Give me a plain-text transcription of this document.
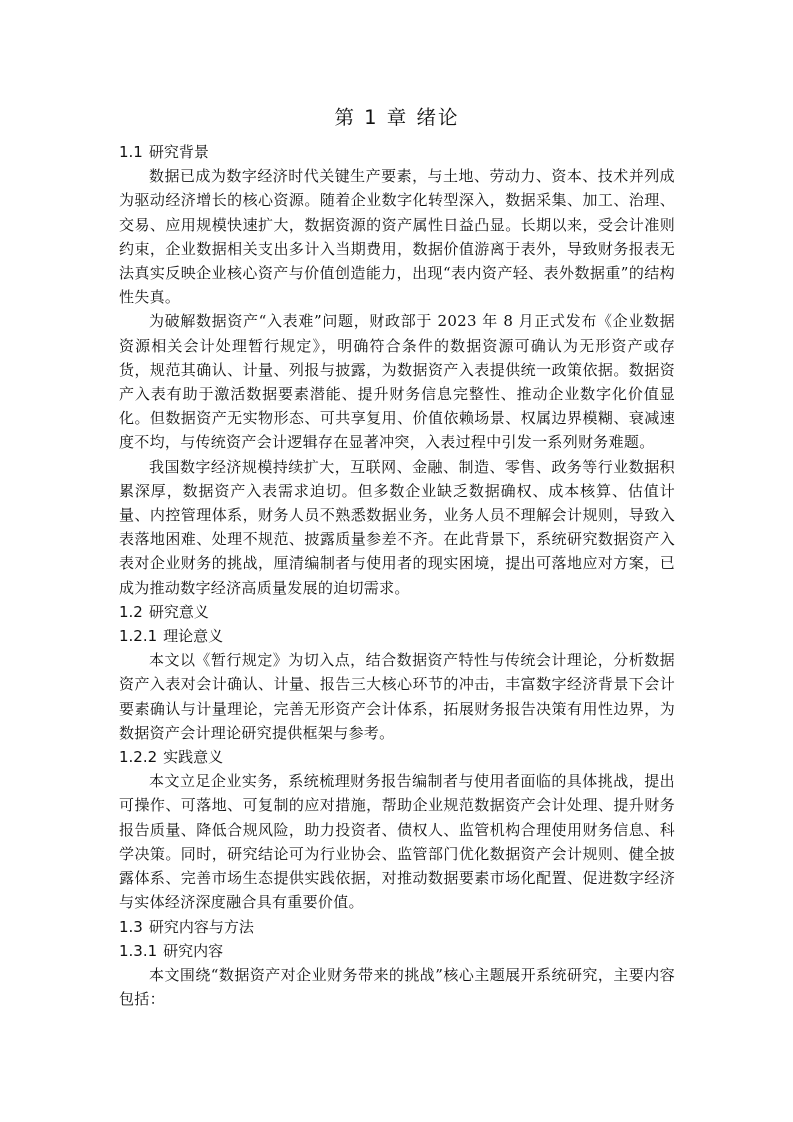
第 1 章 绪论
1.1 研究背景

数据已成为数字经济时代关键生产要素，与土地、劳动力、资本、技术并列成为驱动经济增长的核心资源。随着企业数字化转型深入，数据采集、加工、治理、交易、应用规模快速扩大，数据资源的资产属性日益凸显。长期以来，受会计准则约束，企业数据相关支出多计入当期费用，数据价值游离于表外，导致财务报表无法真实反映企业核心资产与价值创造能力，出现“表内资产轻、表外数据重”的结构性失真。

为破解数据资产“入表难”问题，财政部于 2023 年 8 月正式发布《企业数据资源相关会计处理暂行规定》，明确符合条件的数据资源可确认为无形资产或存货，规范其确认、计量、列报与披露，为数据资产入表提供统一政策依据。数据资产入表有助于激活数据要素潜能、提升财务信息完整性、推动企业数字化价值显化。但数据资产无实物形态、可共享复用、价值依赖场景、权属边界模糊、衰减速度不均，与传统资产会计逻辑存在显著冲突，入表过程中引发一系列财务难题。

我国数字经济规模持续扩大，互联网、金融、制造、零售、政务等行业数据积累深厚，数据资产入表需求迫切。但多数企业缺乏数据确权、成本核算、估值计量、内控管理体系，财务人员不熟悉数据业务，业务人员不理解会计规则，导致入表落地困难、处理不规范、披露质量参差不齐。在此背景下，系统研究数据资产入表对企业财务的挑战，厘清编制者与使用者的现实困境，提出可落地应对方案，已成为推动数字经济高质量发展的迫切需求。

1.2 研究意义
1.2.1 理论意义

本文以《暂行规定》为切入点，结合数据资产特性与传统会计理论，分析数据资产入表对会计确认、计量、报告三大核心环节的冲击，丰富数字经济背景下会计要素确认与计量理论，完善无形资产会计体系，拓展财务报告决策有用性边界，为数据资产会计理论研究提供框架与参考。

1.2.2 实践意义

本文立足企业实务，系统梳理财务报告编制者与使用者面临的具体挑战，提出可操作、可落地、可复制的应对措施，帮助企业规范数据资产会计处理、提升财务报告质量、降低合规风险，助力投资者、债权人、监管机构合理使用财务信息、科学决策。同时，研究结论可为行业协会、监管部门优化数据资产会计规则、健全披露体系、完善市场生态提供实践依据，对推动数据要素市场化配置、促进数字经济与实体经济深度融合具有重要价值。

1.3 研究内容与方法
1.3.1 研究内容

本文围绕“数据资产对企业财务带来的挑战”核心主题展开系统研究，主要内容包括：
